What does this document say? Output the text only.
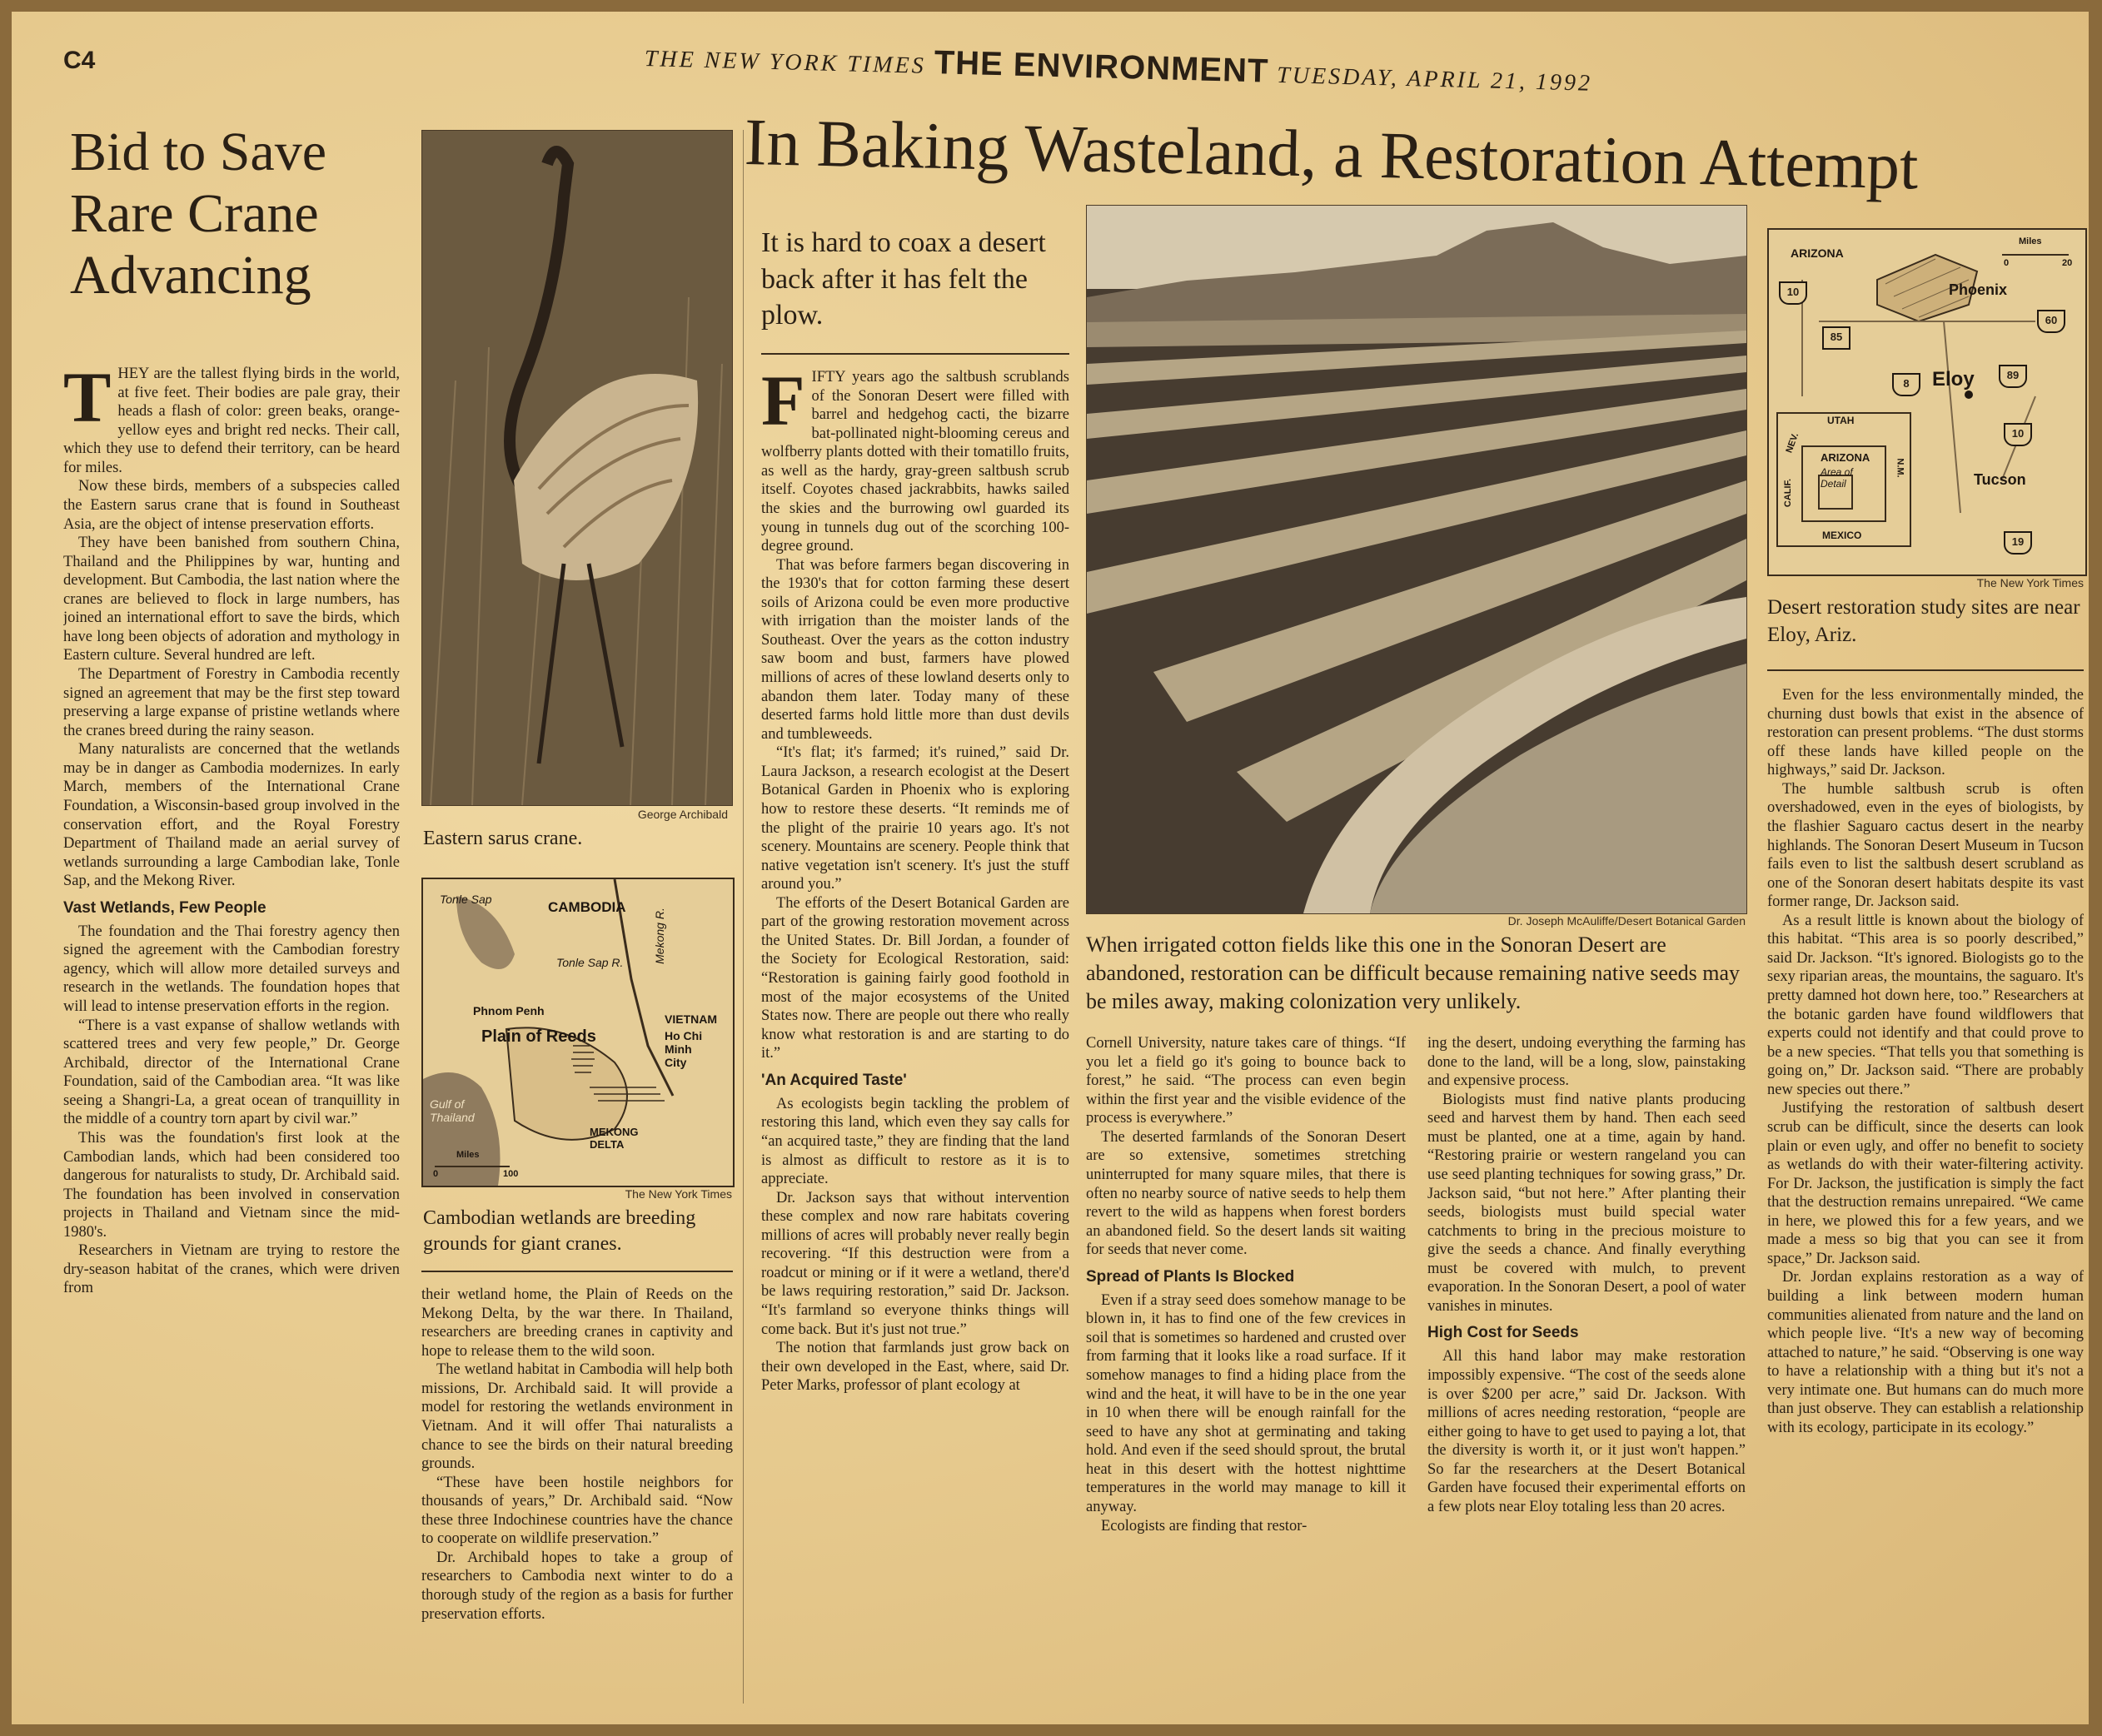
C4	THE NEW YORK TIMES THE ENVIRONMENT TUESDAY, APRIL 21, 1992
Bid to Save Rare Crane Advancing

THEY are the tallest flying birds in the world, at five feet. Their bodies are pale gray, their heads a flash of color: green beaks, orange-yellow eyes and bright red necks. Their call, which they use to defend their territory, can be heard for miles.

Now these birds, members of a subspecies called the Eastern sarus crane that is found in Southeast Asia, are the object of intense preservation efforts.

They have been banished from southern China, Thailand and the Philippines by war, hunting and development. But Cambodia, the last nation where the cranes are believed to flock in large numbers, has joined an international effort to save the birds, which have long been objects of adoration and mythology in Eastern culture. Several hundred are left.

The Department of Forestry in Cambodia recently signed an agreement that may be the first step toward preserving a large expanse of pristine wetlands where the cranes breed during the rainy season.

Many naturalists are concerned that the wetlands may be in danger as Cambodia modernizes. In early March, members of the International Crane Foundation, a Wisconsin-based group involved in the conservation effort, and the Royal Forestry Department of Thailand made an aerial survey of wetlands surrounding a large Cambodian lake, Tonle Sap, and the Mekong River.

Vast Wetlands, Few People

The foundation and the Thai forestry agency then signed the agreement with the Cambodian forestry agency, which will allow more detailed surveys and research in the wetlands. The foundation hopes that will lead to intense preservation efforts in the region.

“There is a vast expanse of shallow wetlands with scattered trees and very few people,” Dr. George Archibald, director of the International Crane Foundation, said of the Cambodian area. “It was like seeing a Shangri-La, a great ocean of tranquillity in the middle of a country torn apart by civil war.”

This was the foundation's first look at the Cambodian lands, which had been considered too dangerous for naturalists to study, Dr. Archibald said. The foundation has been involved in conservation projects in Thailand and Vietnam since the mid-1980's.

Researchers in Vietnam are trying to restore the dry-season habitat of the cranes, which were driven from

George Archibald
Eastern sarus crane.
Tonle Sap	CAMBODIA
Mekong R.
Tonle Sap R.
Phnom Penh
Plain of Reeds
VIETNAM
Ho Chi Minh City
Gulf of Thailand
MEKONG DELTA
Miles
0	100
The New York Times
Cambodian wetlands are breeding grounds for giant cranes.

their wetland home, the Plain of Reeds on the Mekong Delta, by the war there. In Thailand, researchers are breeding cranes in captivity and hope to release them to the wild soon.

The wetland habitat in Cambodia will help both missions, Dr. Archibald said. It will provide a model for restoring the wetlands environment in Vietnam. And it will offer Thai naturalists a chance to see the birds on their natural breeding grounds.

“These have been hostile neighbors for thousands of years,” Dr. Archibald said. “Now these three Indochinese countries have the chance to cooperate on wildlife preservation.”

Dr. Archibald hopes to take a group of researchers to Cambodia next winter to do a thorough study of the region as a basis for further preservation efforts.

In Baking Wasteland, a Restoration Attempt
It is hard to coax a desert back after it has felt the plow.

FIFTY years ago the saltbush scrublands of the Sonoran Desert were filled with barrel and hedgehog cacti, the bizarre bat-pollinated night-blooming cereus and wolfberry plants dotted with their tomatillo fruits, as well as the hardy, gray-green saltbush scrub itself. Coyotes chased jackrabbits, hawks sailed the skies and the burrowing owl guarded its young in tunnels dug out of the scorching 100-degree ground.

That was before farmers began discovering in the 1930's that for cotton farming these desert soils of Arizona could be even more productive with irrigation than the moister lands of the Southeast. Over the years as the cotton industry saw boom and bust, farmers have plowed millions of acres of these lowland deserts only to abandon them later. Today many of these deserted farms hold little more than dust devils and tumbleweeds.

“It's flat; it's farmed; it's ruined,” said Dr. Laura Jackson, a research ecologist at the Desert Botanical Garden in Phoenix who is exploring how to restore these deserts. “It reminds me of the plight of the prairie 10 years ago. It's not scenery. Mountains are scenery. People think that native vegetation isn't scenery. It's just the stuff around you.”

The efforts of the Desert Botanical Garden are part of the growing restoration movement across the United States. Dr. Bill Jordan, a founder of the Society for Ecological Restoration, said: “Restoration is gaining fairly good foothold in most of the major ecosystems of the United States now. There are people out there who really know what restoration is and are starting to do it.”

'An Acquired Taste'

As ecologists begin tackling the problem of restoring this land, which even they say calls for “an acquired taste,” they are finding that the land is almost as difficult to restore as it is to appreciate.

Dr. Jackson says that without intervention these complex and now rare habitats covering millions of acres will probably never really begin recovering. “If this destruction were from a roadcut or mining or if it were a wetland, there'd be laws requiring restoration,” said Dr. Jackson. “It's farmland so everyone thinks things will come back. But it's just not true.”

The notion that farmlands just grow back on their own developed in the East, where, said Dr. Peter Marks, professor of plant ecology at

Dr. Joseph McAuliffe/Desert Botanical Garden
When irrigated cotton fields like this one in the Sonoran Desert are abandoned, restoration can be difficult because remaining native seeds may be miles away, making colonization very unlikely.

Cornell University, nature takes care of things. “If you let a field go it's going to bounce back to forest,” he said. “The process can even begin within the first year and the visible evidence of the process is everywhere.”

The deserted farmlands of the Sonoran Desert are so extensive, sometimes stretching uninterrupted for many square miles, that there is often no nearby source of native seeds to help them revert to the wild as happens when forest borders an abandoned field. So the desert lands sit waiting for seeds that never come.

Spread of Plants Is Blocked

Even if a stray seed does somehow manage to be blown in, it has to find one of the few crevices in soil that is sometimes so hardened and crusted over from farming that it looks like a road surface. If it somehow manages to find a hiding place from the wind and the heat, it will have to be in the one year in 10 when there will be enough rainfall for the seed to have any shot at germinating and taking hold. And even if the seed should sprout, the brutal heat in this desert with the hottest nighttime temperatures in the world may manage to kill it anyway.

Ecologists are finding that restor-

ing the desert, undoing everything the farming has done to the land, will be a long, slow, painstaking and expensive process.

Biologists must find native plants producing seed and harvest them by hand. Then each seed must be planted, one at a time, again by hand. “Restoring prairie or western rangeland you can use seed planting techniques for sowing grass,” Dr. Jackson said, “but not here.” After planting their seeds, biologists must build special water catchments to bring in the precious moisture to give the seeds a chance. And finally everything must be covered with mulch, to prevent evaporation. In the Sonoran Desert, a pool of water vanishes in minutes.

High Cost for Seeds

All this hand labor may make restoration impossibly expensive. “The cost of the seeds alone is over $200 per acre,” said Dr. Jackson. With millions of acres needing restoration, “people are either going to have to get used to paying a lot, that the diversity is worth it, or it just won't happen.” So far the researchers at the Desert Botanical Garden have focused their experimental efforts on a few plots near Eloy totaling less than 20 acres.

ARIZONA
Miles
0	20
Phoenix
Eloy
Tucson
UTAH
NEV.
ARIZONA
Area of Detail
N.M.
CALIF.
MEXICO
10
60
85
8
89
10
19
The New York Times
Desert restoration study sites are near Eloy, Ariz.

Even for the less environmentally minded, the churning dust bowls that exist in the absence of restoration can present problems. “The dust storms off these lands have killed people on the highways,” said Dr. Jackson.

The humble saltbush scrub is often overshadowed, even in the eyes of biologists, by the flashier Saguaro cactus desert in the nearby highlands. The Sonoran Desert Museum in Tucson fails even to list the saltbush desert scrubland as one of the Sonoran desert habitats despite its vast former range, Dr. Jackson said.

As a result little is known about the biology of this habitat. “This area is so poorly described,” said Dr. Jackson. “It's ignored. Biologists go to the sexy riparian areas, the mountains, the saguaro. It's pretty damned hot down here, too.” Researchers at the botanic garden have found wildflowers that experts could not identify and that could prove to be a new species. “That tells you that something is going on,” Dr. Jackson said. “There are probably new species out there.”

Justifying the restoration of saltbush desert scrub can be difficult, since the deserts can look plain or even ugly, and offer no benefit to society as wetlands do with their water-filtering activity. For Dr. Jackson, the justification is simply the fact that the destruction remains unrepaired. “We came in here, we plowed this for a few years, and we made a mess so big that you can see it from space,” Dr. Jackson said.

Dr. Jordan explains restoration as a way of building a link between modern human communities alienated from nature and the land on which people live. “It's a new way of becoming attached to nature,” he said. “Observing is one way to have a relationship with a thing but it's not a very intimate one. But humans can do much more than just observe. They can establish a relationship with its ecology, participate in its ecology.”
